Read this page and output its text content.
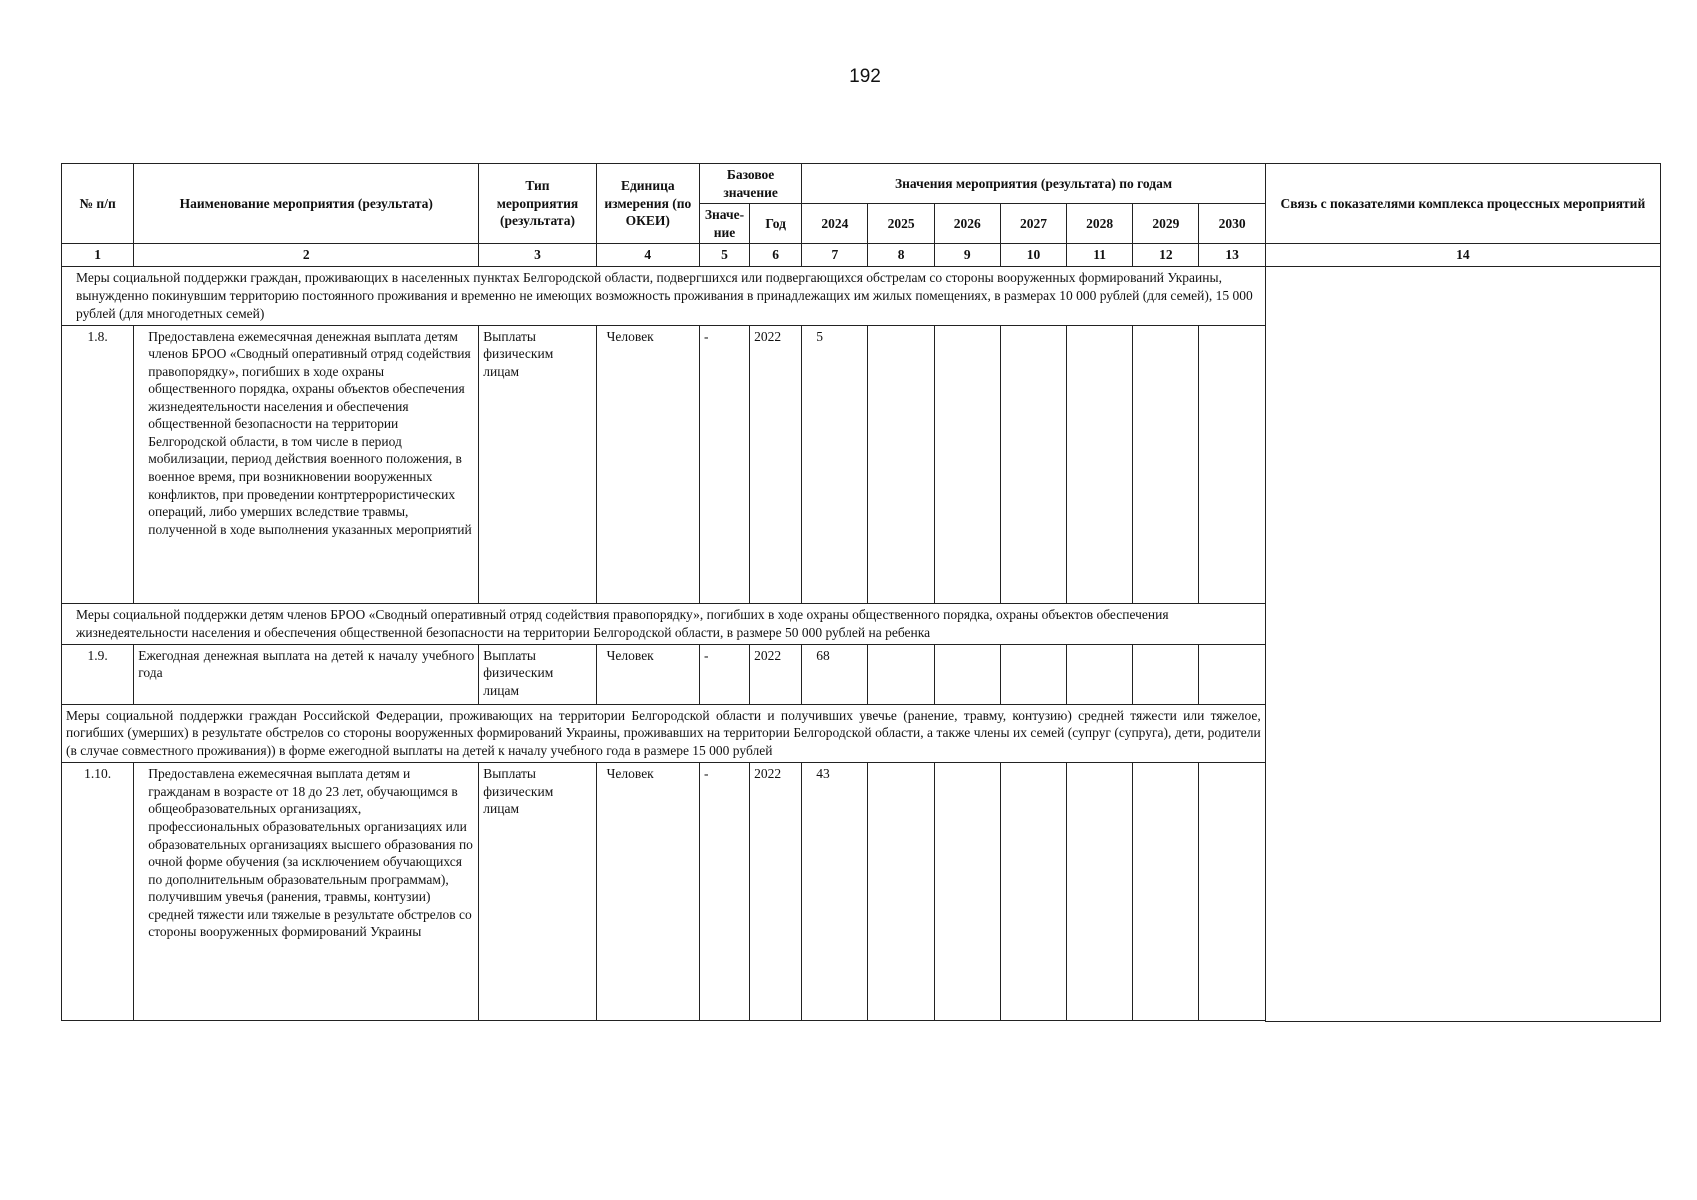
192
№ п/п	Наименование мероприятия (результата)	Тип мероприятия (результата)	Единица измерения (по ОКЕИ)	Базовое значение		Значения мероприятия (результата) по годам							Связь с показателями комплекса процессных мероприятий
				Значе-ние	Год	2024	2025	2026	2027	2028	2029	2030	
1	2	3	4	5	6	7	8	9	10	11	12	13	14
Меры социальной поддержки граждан, проживающих в населенных пунктах Белгородской области, подвергшихся или подвергающихся обстрелам со стороны вооруженных формирований Украины, вынужденно покинувшим территорию постоянного проживания и временно не имеющих возможность проживания в принадлежащих им жилых помещениях, в размерах 10 000 рублей (для семей), 15 000 рублей (для многодетных семей)													
1.8.	Предоставлена ежемесячная денежная выплата детям членов БРОО «Сводный оперативный отряд содействия правопорядку», погибших в ходе охраны общественного порядка, охраны объектов обеспечения жизнедеятельности населения и обеспечения общественной безопасности на территории Белгородской области, в том числе в период мобилизации, период действия военного положения, в военное время, при возникновении вооруженных конфликтов, при проведении контртеррористических операций, либо умерших вследствие травмы, полученной в ходе выполнения указанных мероприятий	Выплаты физическим лицам	Человек	-	2022	5							
Меры социальной поддержки детям членов БРОО «Сводный оперативный отряд содействия правопорядку», погибших в ходе охраны общественного порядка, охраны объектов обеспечения жизнедеятельности населения и обеспечения общественной безопасности на территории Белгородской области, в размере 50 000 рублей на ребенка													
1.9.	Ежегодная денежная выплата на детей к началу учебного года	Выплаты физическим лицам	Человек	-	2022	68							
Меры социальной поддержки граждан Российской Федерации, проживающих на территории Белгородской области и получивших увечье (ранение, травму, контузию) средней тяжести или тяжелое, погибших (умерших) в результате обстрелов со стороны вооруженных формирований Украины, проживавших на территории Белгородской области, а также члены их семей (супруг (супруга), дети, родители (в случае совместного проживания)) в форме ежегодной выплаты на детей к началу учебного года в размере 15 000 рублей													
1.10.	Предоставлена ежемесячная выплата детям и гражданам в возрасте от 18 до 23 лет, обучающимся в общеобразовательных организациях, профессиональных образовательных организациях или образовательных организациях высшего образования по очной форме обучения (за исключением обучающихся по дополнительным образовательным программам), получившим увечья (ранения, травмы, контузии) средней тяжести или тяжелые в результате обстрелов со стороны вооруженных формирований Украины	Выплаты физическим лицам	Человек	-	2022	43							
